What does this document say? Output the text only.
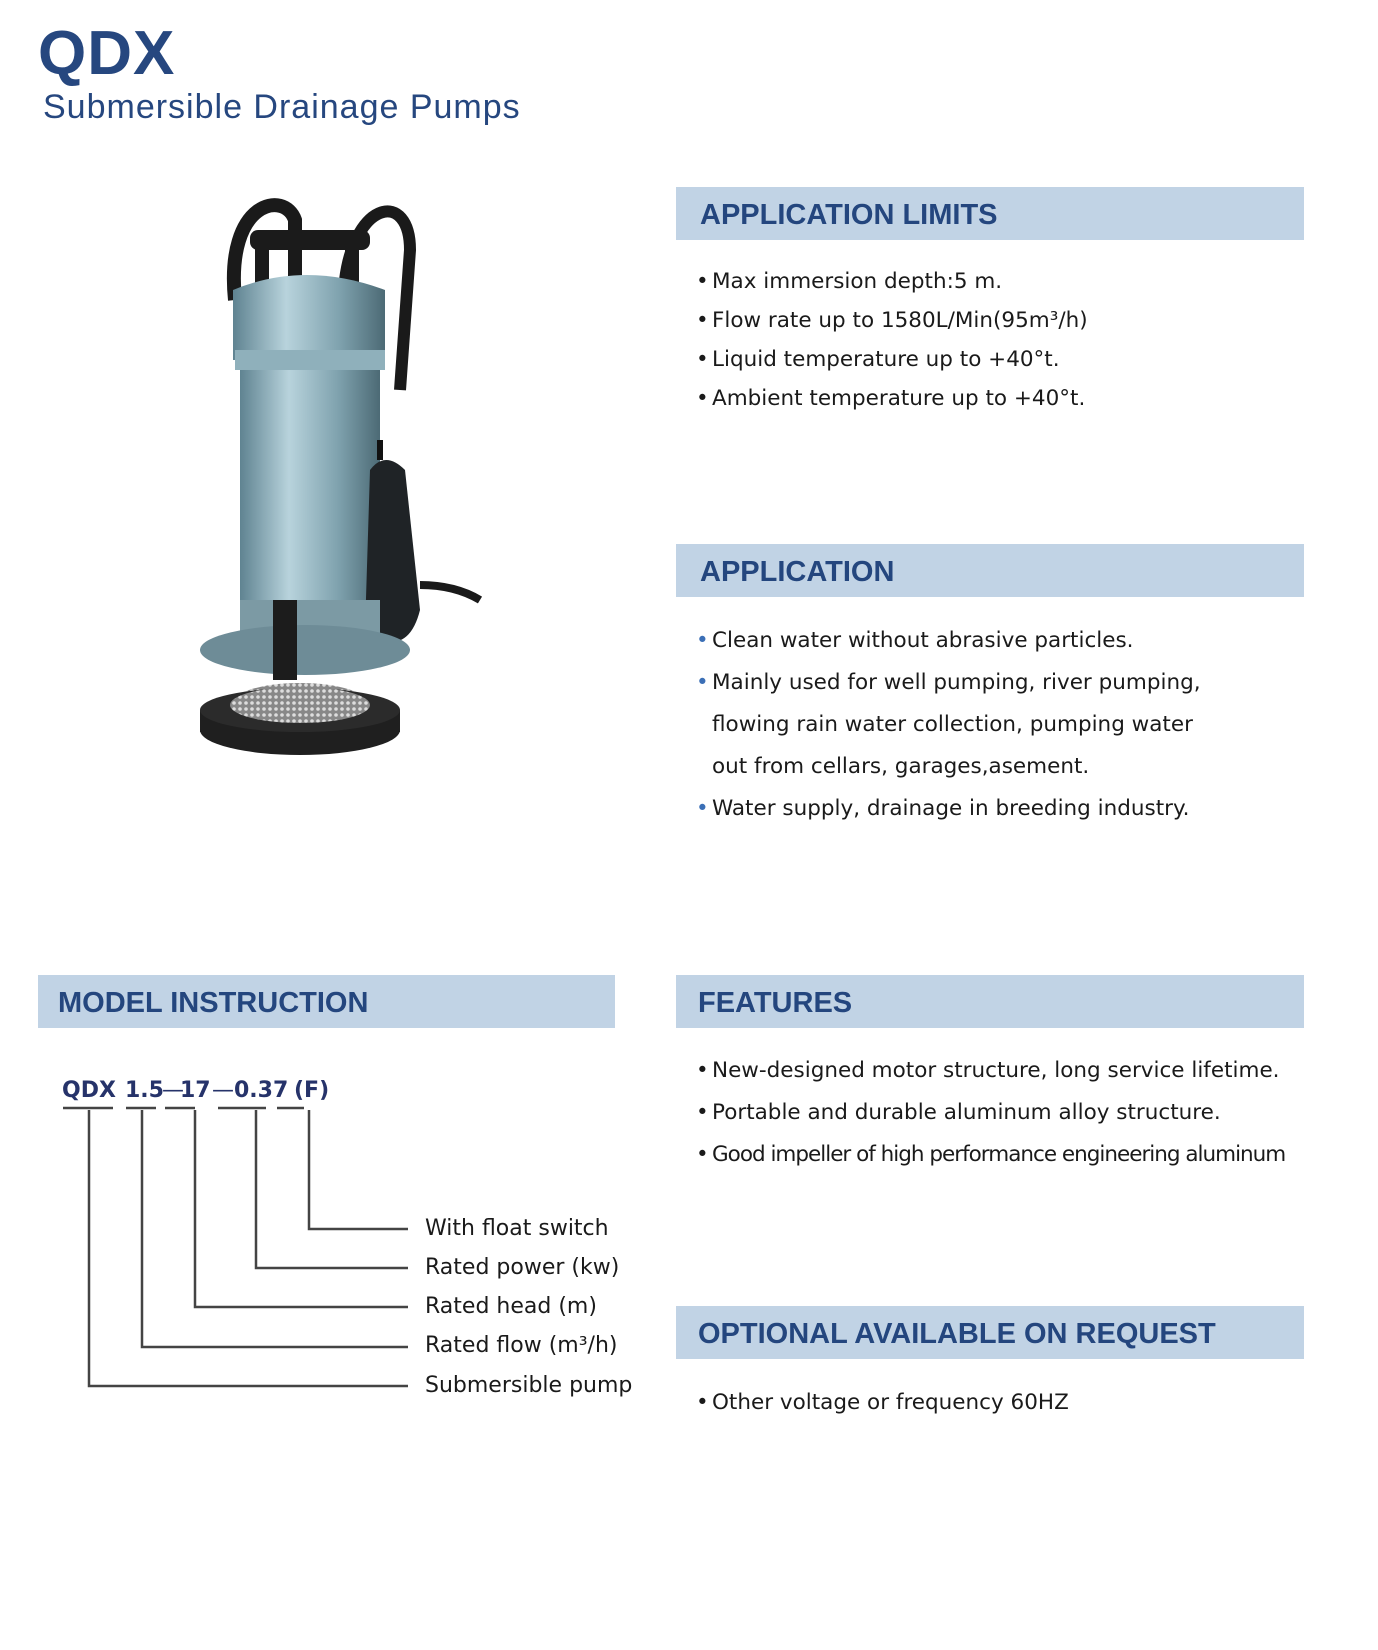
QDX
Submersible Drainage Pumps
APPLICATION LIMITS
• Max immersion depth:5 m.
• Flow rate up to 1580L/Min(95m³/h)
• Liquid temperature up to +40°t.
• Ambient temperature up to +40°t.
APPLICATION
• Clean water without abrasive particles.
• Mainly used for well pumping, river pumping,
flowing rain water collection, pumping water
out from cellars, garages,asement.
• Water supply, drainage in breeding industry.
MODEL INSTRUCTION
QDX 1.5
—
17 — 0.37 (F)
With float switch
Rated power (kw)
Rated head (m)
Rated flow (m³/h)
Submersible pump
FEATURES
• New-designed motor structure, long service lifetime.
• Portable and durable aluminum alloy structure.
• Good impeller of high performance engineering aluminum
OPTIONAL AVAILABLE ON REQUEST
• Other voltage or frequency 60HZ
